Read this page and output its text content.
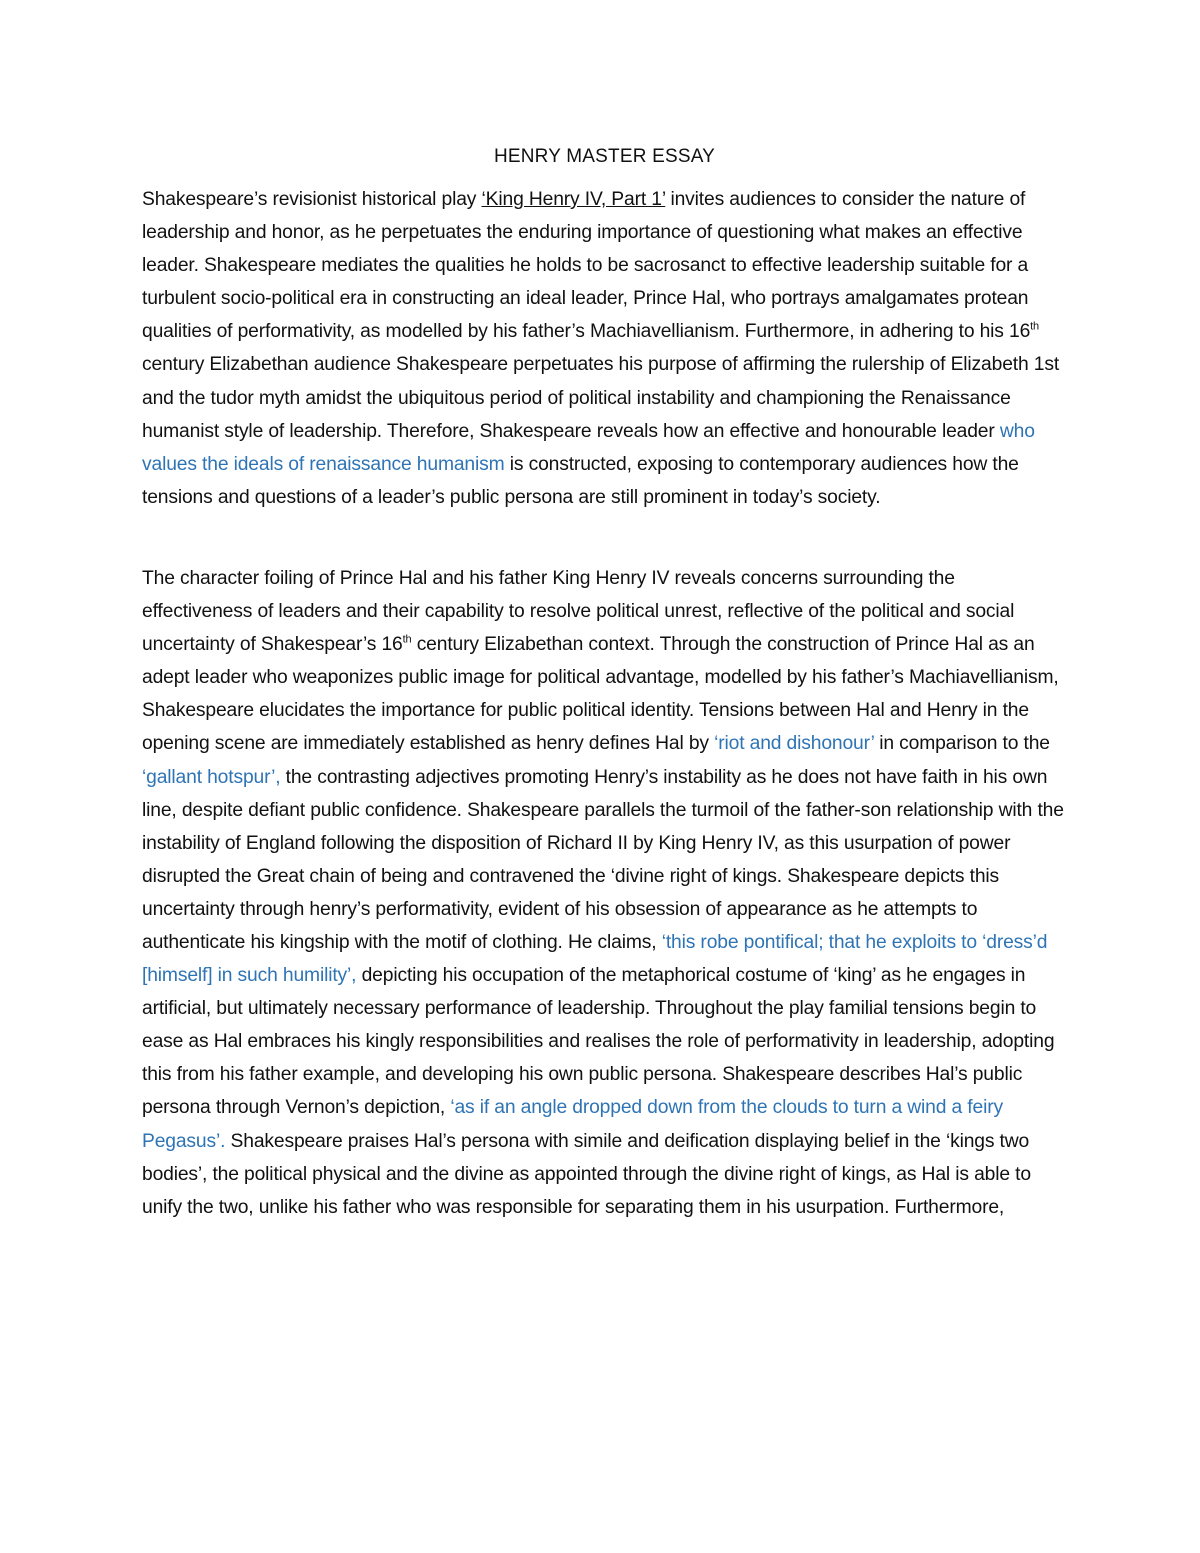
HENRY MASTER ESSAY

Shakespeare’s revisionist historical play ‘King Henry IV, Part 1’ invites audiences to consider the nature of leadership and honor, as he perpetuates the enduring importance of questioning what makes an effective leader. Shakespeare mediates the qualities he holds to be sacrosanct to effective leadership suitable for a turbulent socio-political era in constructing an ideal leader, Prince Hal, who portrays amalgamates protean qualities of performativity, as modelled by his father’s Machiavellianism. Furthermore, in adhering to his 16th century Elizabethan audience Shakespeare perpetuates his purpose of affirming the rulership of Elizabeth 1st and the tudor myth amidst the ubiquitous period of political instability and championing the Renaissance humanist style of leadership. Therefore, Shakespeare reveals how an effective and honourable leader who values the ideals of renaissance humanism is constructed, exposing to contemporary audiences how the tensions and questions of a leader’s public persona are still prominent in today’s society.

The character foiling of Prince Hal and his father King Henry IV reveals concerns surrounding the effectiveness of leaders and their capability to resolve political unrest, reflective of the political and social uncertainty of Shakespear’s 16th century Elizabethan context. Through the construction of Prince Hal as an adept leader who weaponizes public image for political advantage, modelled by his father’s Machiavellianism, Shakespeare elucidates the importance for public political identity. Tensions between Hal and Henry in the opening scene are immediately established as henry defines Hal by ‘riot and dishonour’ in comparison to the ‘gallant hotspur’, the contrasting adjectives promoting Henry’s instability as he does not have faith in his own line, despite defiant public confidence. Shakespeare parallels the turmoil of the father-son relationship with the instability of England following the disposition of Richard II by King Henry IV, as this usurpation of power disrupted the Great chain of being and contravened the ‘divine right of kings. Shakespeare depicts this uncertainty through henry’s performativity, evident of his obsession of appearance as he attempts to authenticate his kingship with the motif of clothing. He claims, ‘this robe pontifical; that he exploits to ‘dress’d [himself] in such humility’, depicting his occupation of the metaphorical costume of ‘king’ as he engages in artificial, but ultimately necessary performance of leadership. Throughout the play familial tensions begin to ease as Hal embraces his kingly responsibilities and realises the role of performativity in leadership, adopting this from his father example, and developing his own public persona. Shakespeare describes Hal’s public persona through Vernon’s depiction, ‘as if an angle dropped down from the clouds to turn a wind a feiry Pegasus’. Shakespeare praises Hal’s persona with simile and deification displaying belief in the ‘kings two bodies’, the political physical and the divine as appointed through the divine right of kings, as Hal is able to unify the two, unlike his father who was responsible for separating them in his usurpation. Furthermore,
